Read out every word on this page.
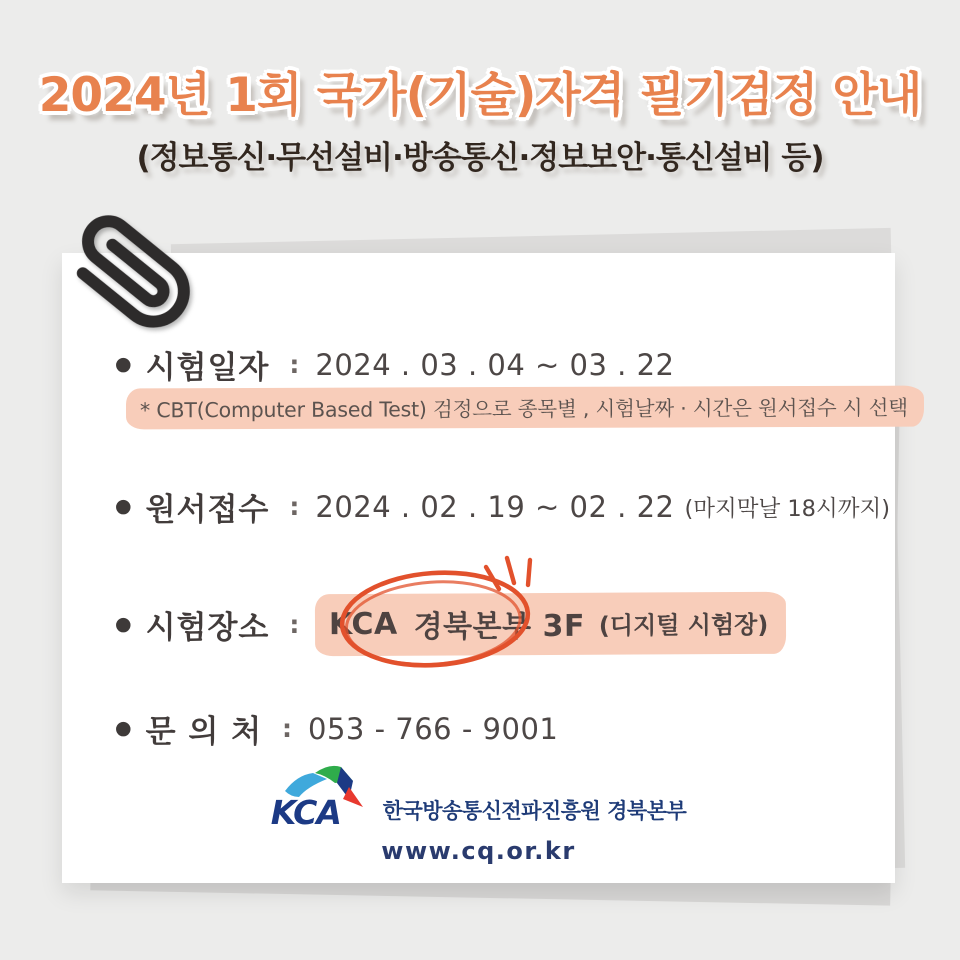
2024년 1회 국가(기술)자격 필기검정 안내
(정보통신·무선설비·방송통신·정보보안·통신설비 등)
● 시험일자 : 2024 . 03 . 04 ~ 03 . 22
* CBT(Computer Based Test) 검정으로 종목별 , 시험날짜 · 시간은 원서접수 시 선택
● 원서접수 : 2024 . 02 . 19 ~ 02 . 22 (마지막날 18시까지)
● 시험장소 : KCA 경북본부 3F (디지털 시험장)
● 문 의 처 : 053 - 766 - 9001
KCA 한국방송통신전파진흥원 경북본부
www.cq.or.kr
